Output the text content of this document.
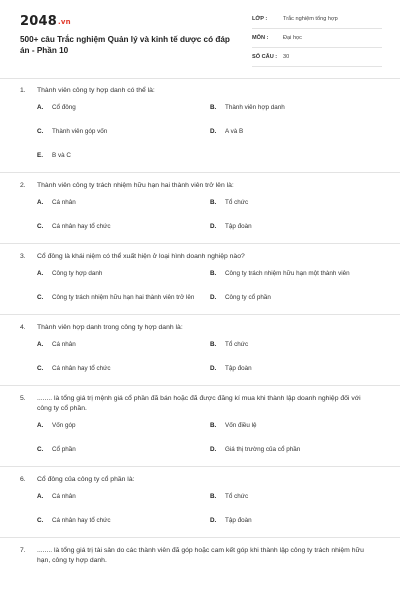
2048.vn
500+ câu Trắc nghiệm Quản lý và kinh tế dược có đáp án - Phần 10
LỚP :	Trắc nghiệm tổng hợp
MÔN :	Đại học
SỐ CÂU :	30
1.	Thành viên công ty hợp danh có thể là:
A.	Cổ đông	B.	Thành viên hợp danh
C.	Thành viên góp vốn	D.	A và B
E.	B và C
2.	Thành viên công ty trách nhiệm hữu hạn hai thành viên trở lên là:
A.	Cá nhân	B.	Tổ chức
C.	Cá nhân hay tổ chức	D.	Tập đoàn
3.	Cổ đông là khái niệm có thể xuất hiện ở loại hình doanh nghiệp nào?
A.	Công ty hợp danh	B.	Công ty trách nhiệm hữu hạn một thành viên
C.	Công ty trách nhiệm hữu hạn hai thành viên trở lên	D.	Công ty cổ phần
4.	Thành viên hợp danh trong công ty hợp danh là:
A.	Cá nhân	B.	Tổ chức
C.	Cá nhân hay tổ chức	D.	Tập đoàn
5.	........ là tổng giá trị mệnh giá cổ phần đã bán hoặc đã được đăng kí mua khi thành lập doanh nghiệp đối với công ty cổ phần.
A.	Vốn góp	B.	Vốn điều lệ
C.	Cổ phần	D.	Giá thị trường của cổ phần
6.	Cổ đông của công ty cổ phần là:
A.	Cá nhân	B.	Tổ chức
C.	Cá nhân hay tổ chức	D.	Tập đoàn
7.	........ là tổng giá trị tài sản do các thành viên đã góp hoặc cam kết góp khi thành lập công ty trách nhiệm hữu hạn, công ty hợp danh.
